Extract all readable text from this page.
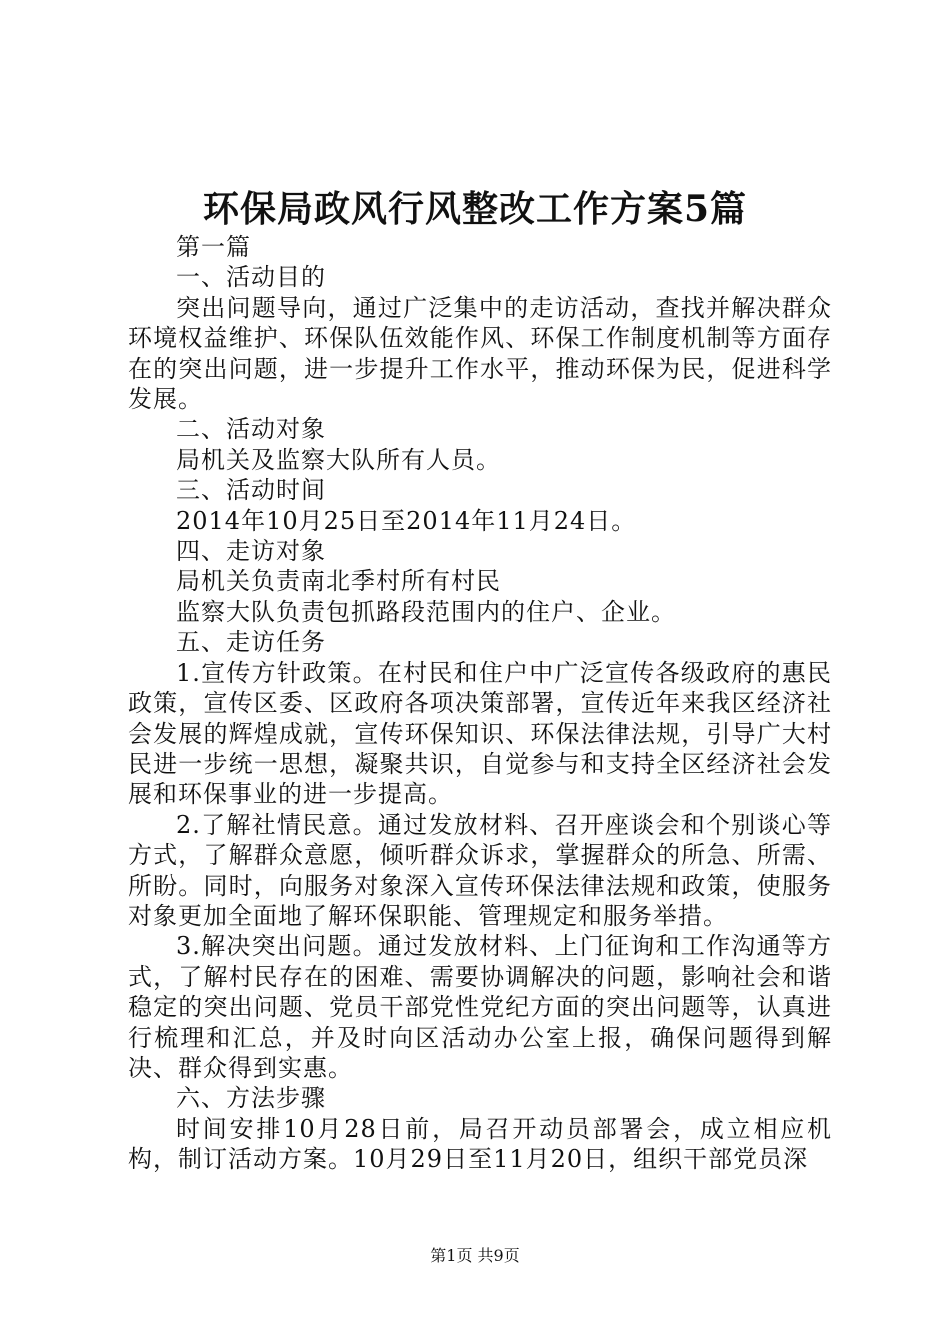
环保局政风行风整改工作方案5篇

第一篇

一、活动目的

突出问题导向，通过广泛集中的走访活动，查找并解决群众环境权益维护、环保队伍效能作风、环保工作制度机制等方面存在的突出问题，进一步提升工作水平，推动环保为民，促进科学发展。

二、活动对象

局机关及监察大队所有人员。

三、活动时间

2014年10月25日至2014年11月24日。

四、走访对象

局机关负责南北季村所有村民

监察大队负责包抓路段范围内的住户、企业。

五、走访任务

1.宣传方针政策。在村民和住户中广泛宣传各级政府的惠民政策，宣传区委、区政府各项决策部署，宣传近年来我区经济社会发展的辉煌成就，宣传环保知识、环保法律法规，引导广大村民进一步统一思想，凝聚共识，自觉参与和支持全区经济社会发展和环保事业的进一步提高。

2.了解社情民意。通过发放材料、召开座谈会和个别谈心等方式，了解群众意愿，倾听群众诉求，掌握群众的所急、所需、所盼。同时，向服务对象深入宣传环保法律法规和政策，使服务对象更加全面地了解环保职能、管理规定和服务举措。

3.解决突出问题。通过发放材料、上门征询和工作沟通等方式，了解村民存在的困难、需要协调解决的问题，影响社会和谐稳定的突出问题、党员干部党性党纪方面的突出问题等，认真进行梳理和汇总，并及时向区活动办公室上报，确保问题得到解决、群众得到实惠。

六、方法步骤

时间安排10月28日前，局召开动员部署会，成立相应机构，制订活动方案。10月29日至11月20日，组织干部党员深

第1页 共9页
